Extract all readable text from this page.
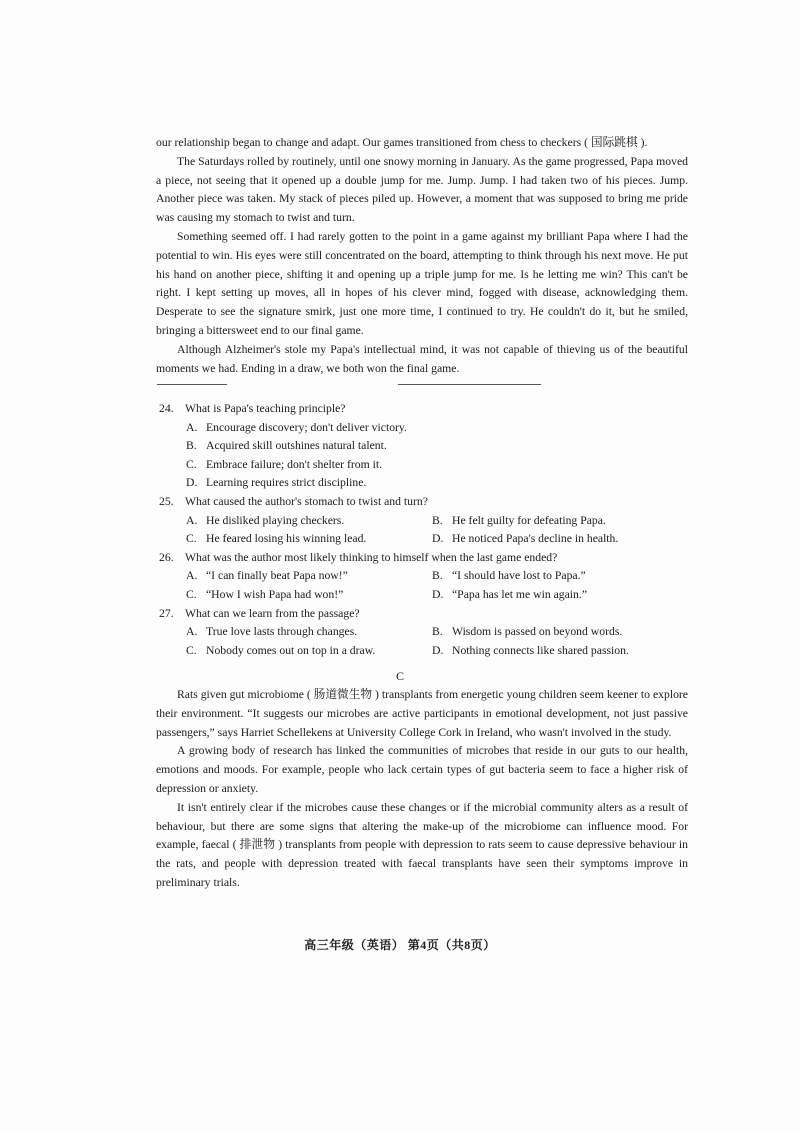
our relationship began to change and adapt. Our games transitioned from chess to checkers ( 国际跳棋 ).

The Saturdays rolled by routinely, until one snowy morning in January. As the game progressed, Papa moved a piece, not seeing that it opened up a double jump for me. Jump. Jump. I had taken two of his pieces. Jump. Another piece was taken. My stack of pieces piled up. However, a moment that was supposed to bring me pride was causing my stomach to twist and turn.

Something seemed off. I had rarely gotten to the point in a game against my brilliant Papa where I had the potential to win. His eyes were still concentrated on the board, attempting to think through his next move. He put his hand on another piece, shifting it and opening up a triple jump for me. Is he letting me win? This can't be right. I kept setting up moves, all in hopes of his clever mind, fogged with disease, acknowledging them. Desperate to see the signature smirk, just one more time, I continued to try. He couldn't do it, but he smiled, bringing a bittersweet end to our final game.

Although Alzheimer's stole my Papa's intellectual mind, it was not capable of thieving us of the beautiful moments we had. Ending in a draw, we both won the final game.

24. What is Papa's teaching principle?
A. Encourage discovery; don't deliver victory.
B. Acquired skill outshines natural talent.
C. Embrace failure; don't shelter from it.
D. Learning requires strict discipline.
25. What caused the author's stomach to twist and turn?
A. He disliked playing checkers.	B. He felt guilty for defeating Papa.
C. He feared losing his winning lead.	D. He noticed Papa's decline in health.
26. What was the author most likely thinking to himself when the last game ended?
A. “I can finally beat Papa now!”	B. “I should have lost to Papa.”
C. “How I wish Papa had won!”	D. “Papa has let me win again.”
27. What can we learn from the passage?
A. True love lasts through changes.	B. Wisdom is passed on beyond words.
C. Nobody comes out on top in a draw.	D. Nothing connects like shared passion.
C

Rats given gut microbiome ( 肠道微生物 ) transplants from energetic young children seem keener to explore their environment. “It suggests our microbes are active participants in emotional development, not just passive passengers,” says Harriet Schellekens at University College Cork in Ireland, who wasn't involved in the study.

A growing body of research has linked the communities of microbes that reside in our guts to our health, emotions and moods. For example, people who lack certain types of gut bacteria seem to face a higher risk of depression or anxiety.

It isn't entirely clear if the microbes cause these changes or if the microbial community alters as a result of behaviour, but there are some signs that altering the make-up of the microbiome can influence mood. For example, faecal ( 排泄物 ) transplants from people with depression to rats seem to cause depressive behaviour in the rats, and people with depression treated with faecal transplants have seen their symptoms improve in preliminary trials.

高三年级（英语） 第4页（共8页）
